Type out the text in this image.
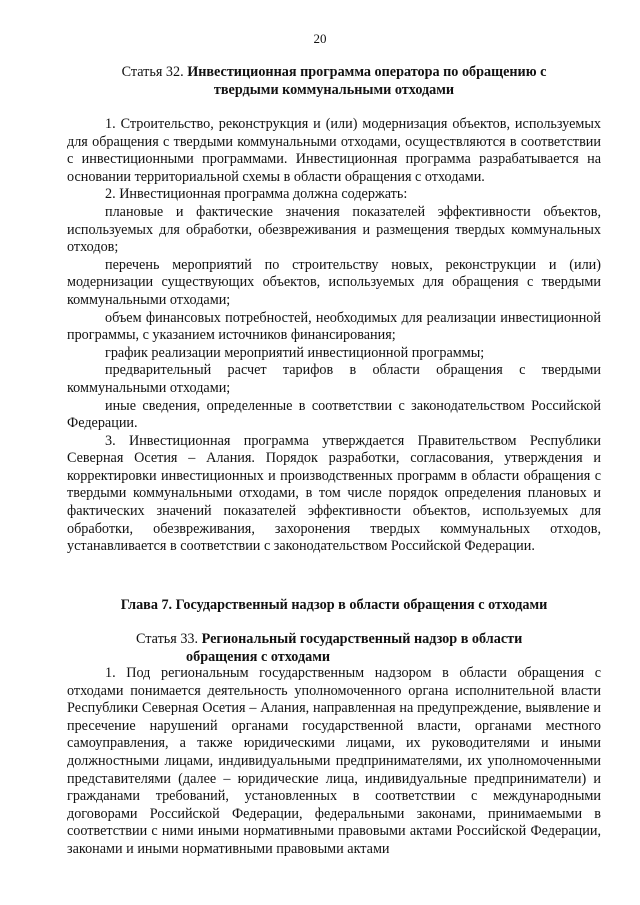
20
Статья 32. Инвестиционная программа оператора по обращению с
твердыми коммунальными отходами

1. Строительство, реконструкция и (или) модернизация объектов, используемых для обращения с твердыми коммунальными отходами, осуществляются в соответствии с инвестиционными программами. Инвестиционная программа разрабатывается на основании территориальной схемы в области обращения с отходами.

2. Инвестиционная программа должна содержать:

плановые и фактические значения показателей эффективности объектов, используемых для обработки, обезвреживания и размещения твердых коммунальных отходов;

перечень мероприятий по строительству новых, реконструкции и (или) модернизации существующих объектов, используемых для обращения с твердыми коммунальными отходами;

объем финансовых потребностей, необходимых для реализации инвестиционной программы, с указанием источников финансирования;

график реализации мероприятий инвестиционной программы;

предварительный расчет тарифов в области обращения с твердыми коммунальными отходами;

иные сведения, определенные в соответствии с законодательством Российской Федерации.

3. Инвестиционная программа утверждается Правительством Республики Северная Осетия – Алания. Порядок разработки, согласования, утверждения и корректировки инвестиционных и производственных программ в области обращения с твердыми коммунальными отходами, в том числе порядок определения плановых и фактических значений показателей эффективности объектов, используемых для обработки, обезвреживания, захоронения твердых коммунальных отходов, устанавливается в соответствии с законодательством Российской Федерации.

Глава 7. Государственный надзор в области обращения с отходами
Статья 33. Региональный государственный надзор в области
обращения с отходами

1. Под региональным государственным надзором в области обращения с отходами понимается деятельность уполномоченного органа исполнительной власти Республики Северная Осетия – Алания, направленная на предупреждение, выявление и пресечение нарушений органами государственной власти, органами местного самоуправления, а также юридическими лицами, их руководителями и иными должностными лицами, индивидуальными предпринимателями, их уполномоченными представителями (далее – юридические лица, индивидуальные предприниматели) и гражданами требований, установленных в соответствии с международными договорами Российской Федерации, федеральными законами, принимаемыми в соответствии с ними иными нормативными правовыми актами Российской Федерации, законами и иными нормативными правовыми актами
